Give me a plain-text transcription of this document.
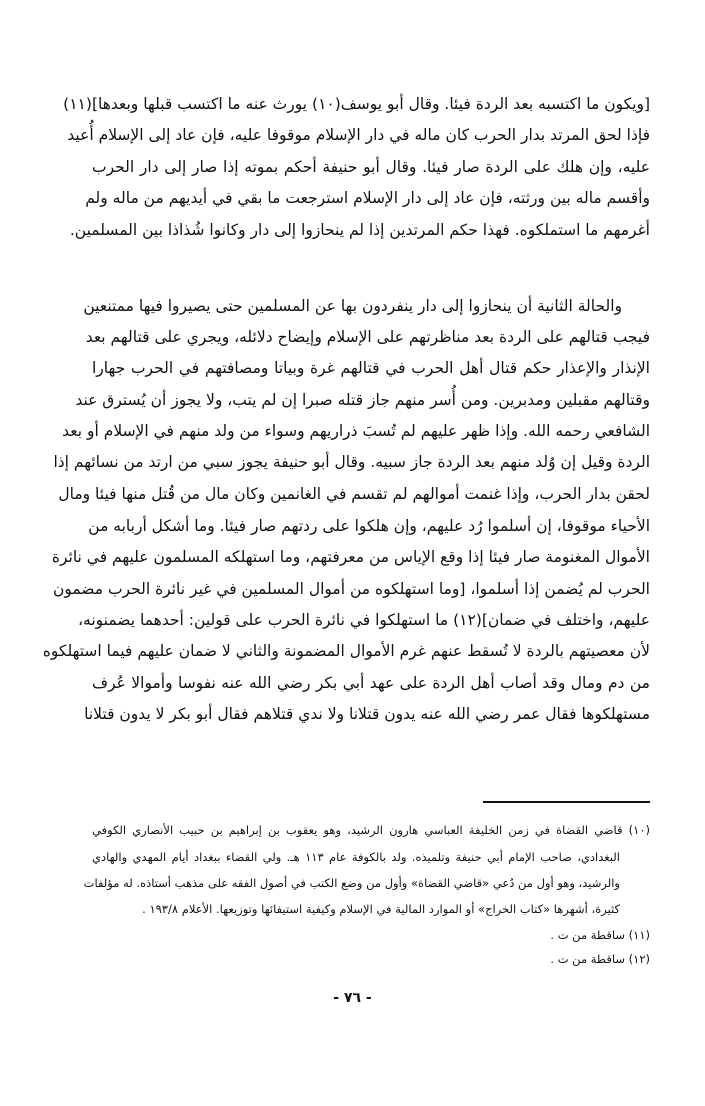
[ويكون ما اكتسبه بعد الردة فيئا. وقال أبو يوسف(١٠) يورث عنه ما اكتسب قبلها وبعدها](١١)
فإذا لحق المرتد بدار الحرب كان ماله في دار الإسلام موقوفا عليه، فإن عاد إلى الإسلام أُعيد
عليه، وإن هلك على الردة صار فيئا. وقال أبو حنيفة أحكم بموته إذا صار إلى دار الحرب
وأقسم ماله بين ورثته، فإن عاد إلى دار الإسلام استرجعت ما بقي في أيديهم من ماله ولم
أغرمهم ما استملكوه. فهذا حكم المرتدين إذا لم ينحازوا إلى دار وكانوا شُذاذا بين المسلمين.
والحالة الثانية أن ينحازوا إلى دار ينفردون بها عن المسلمين حتى يصيروا فيها ممتنعين
فيجب قتالهم على الردة بعد مناظرتهم على الإسلام وإيضاح دلائله، ويجري على قتالهم بعد
الإنذار والإعذار حكم قتال أهل الحرب في قتالهم غرة وبياتا ومصافتهم في الحرب جهارا
وقتالهم مقبلين ومدبرين. ومن أُسر منهم جاز قتله صبرا إن لم يتب، ولا يجوز أن يُسترق عند
الشافعي رحمه الله. وإذا ظهر عليهم لم تُسبَ ذراريهم وسواء من ولد منهم في الإسلام أو بعد
الردة وقيل إن وُلد منهم بعد الردة جاز سبيه. وقال أبو حنيفة يجوز سبي من ارتد من نسائهم إذا
لحقن بدار الحرب، وإذا غنمت أموالهم لم تقسم في الغانمين وكان مال من قُتل منها فيئا ومال
الأحياء موقوفا، إن أسلموا رُد عليهم، وإن هلكوا على ردتهم صار فيئا. وما أشكل أربابه من
الأموال المغنومة صار فيئا إذا وقع الإياس من معرفتهم، وما استهلكه المسلمون عليهم في نائرة
الحرب لم يُضمن إذا أسلموا، [وما استهلكوه من أموال المسلمين في غير نائرة الحرب مضمون
عليهم، واختلف في ضمان](١٢) ما استهلكوا في نائرة الحرب على قولين: أحدهما يضمنونه،
لأن معصيتهم بالردة لا تُسقط عنهم غرم الأموال المضمونة والثاني لا ضمان عليهم فيما استهلكوه
من دم ومال وقد أصاب أهل الردة على عهد أبي بكر رضي الله عنه نفوسا وأموالا عُرف
مستهلكوها فقال عمر رضي الله عنه يدون قتلانا ولا ندي قتلاهم فقال أبو بكر لا يدون قتلانا
(١٠) قاضي القضاة في زمن الخليفة العباسي هارون الرشيد، وهو يعقوب بن إبراهيم بن حبيب الأنصاري الكوفي
البغدادي، صاحب الإمام أبي حنيفة وتلميذه. ولد بالكوفة عام ١١٣ هـ. ولي القضاء ببغداد أيام المهدي والهادي
والرشيد، وهو أول من دُعي «قاضي القضاة» وأول من وضع الكتب في أصول الفقه على مذهب أستاذه. له مؤلفات
كثيرة، أشهرها «كتاب الخراج» أو الموارد المالية في الإسلام وكيفية استيفائها وتوزيعها. الأعلام ١٩٣/٨ .
(١١) ساقطة من ت .
(١٢) ساقطة من ت .
- ٧٦ -
